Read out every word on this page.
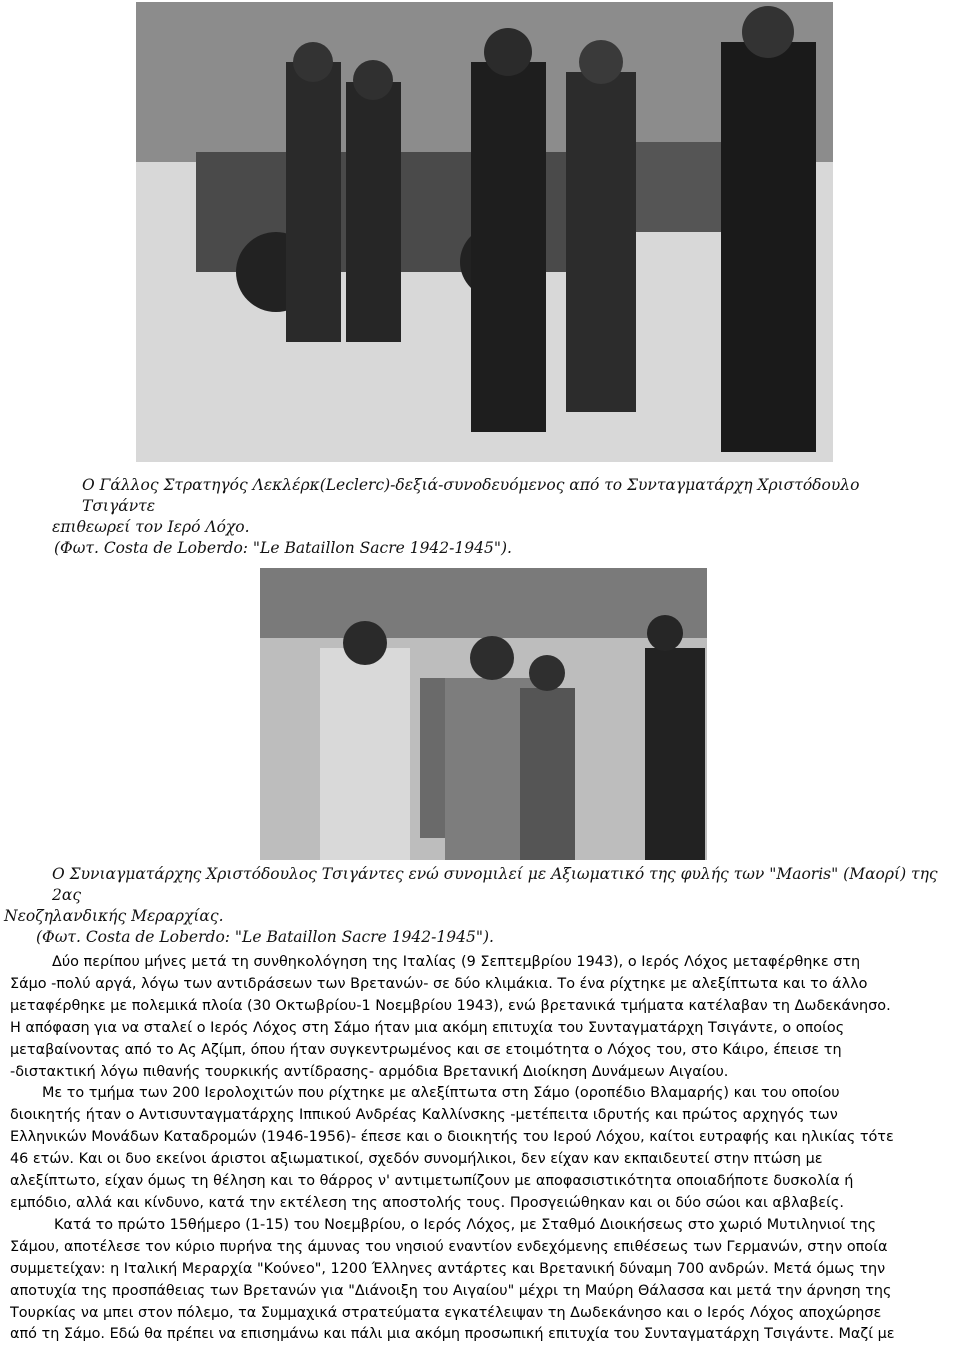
Ο Γάλλος Στρατηγός Λεκλέρκ(Leclerc)-δεξιά-συνοδευόμενος από το Συνταγματάρχη Χριστόδουλο Τσιγάντε
επιθεωρεί τον Ιερό Λόχο.
(Φωτ. Costa de Loberdo: "Le Bataillon Sacre 1942-1945").

Ο Συνιαγματάρχης Χριστόδουλος Τσιγάντες ενώ συνομιλεί με Αξιωματικό της φυλής των "Maoris" (Μαορί) της 2ας
Νεοζηλανδικής Μεραρχίας.
(Φωτ. Costa de Loberdo: "Le Bataillon Sacre 1942-1945").

Δύο περίπου μήνες μετά τη συνθηκολόγηση της Ιταλίας (9 Σεπτεμβρίου 1943), ο Ιερός Λόχος μεταφέρθηκε στη
Σάμο -πολύ αργά, λόγω των αντιδράσεων των Βρετανών- σε δύο κλιμάκια. Το ένα ρίχτηκε με αλεξίπτωτα και το άλλο
μεταφέρθηκε με πολεμικά πλοία (30 Οκτωβρίου-1 Νοεμβρίου 1943), ενώ βρετανικά τμήματα κατέλαβαν τη Δωδεκάνησο.
Η απόφαση για να σταλεί ο Ιερός Λόχος στη Σάμο ήταν μια ακόμη επιτυχία του Συνταγματάρχη Τσιγάντε, ο οποίος
μεταβαίνοντας από το Ας Αζίμπ, όπου ήταν συγκεντρωμένος και σε ετοιμότητα ο Λόχος του, στο Κάιρο, έπεισε τη
-διστακτική λόγω πιθανής τουρκικής αντίδρασης- αρμόδια Βρετανική Διοίκηση Δυνάμεων Αιγαίου.
Με το τμήμα των 200 Ιερολοχιτών που ρίχτηκε με αλεξίπτωτα στη Σάμο (οροπέδιο Βλαμαρής) και του οποίου
διοικητής ήταν ο Αντισυνταγματάρχης Ιππικού Ανδρέας Καλλίνσκης -μετέπειτα ιδρυτής και πρώτος αρχηγός των
Ελληνικών Μονάδων Καταδρομών (1946-1956)- έπεσε και ο διοικητής του Ιερού Λόχου, καίτοι ευτραφής και ηλικίας τότε
46 ετών. Και οι δυο εκείνοι άριστοι αξιωματικοί, σχεδόν συνομήλικοι, δεν είχαν καν εκπαιδευτεί στην πτώση με
αλεξίπτωτο, είχαν όμως τη θέληση και το θάρρος ν' αντιμετωπίζουν με αποφασιστικότητα οποιαδήποτε δυσκολία ή
εμπόδιο, αλλά και κίνδυνο, κατά την εκτέλεση της αποστολής τους. Προσγειώθηκαν και οι δύο σώοι και αβλαβείς.
Κατά το πρώτο 15θήμερο (1-15) του Νοεμβρίου, ο Ιερός Λόχος, με Σταθμό Διοικήσεως στο χωριό Μυτιληνιοί της
Σάμου, αποτέλεσε τον κύριο πυρήνα της άμυνας του νησιού εναντίον ενδεχόμενης επιθέσεως των Γερμανών, στην οποία
συμμετείχαν: η Ιταλική Μεραρχία "Κούνεο", 1200 Έλληνες αντάρτες και Βρετανική δύναμη 700 ανδρών. Μετά όμως την
αποτυχία της προσπάθειας των Βρετανών για "Διάνοιξη του Αιγαίου" μέχρι τη Μαύρη Θάλασσα και μετά την άρνηση της
Τουρκίας να μπει στον πόλεμο, τα Συμμαχικά στρατεύματα εγκατέλειψαν τη Δωδεκάνησο και ο Ιερός Λόχος αποχώρησε
από τη Σάμο. Εδώ θα πρέπει να επισημάνω και πάλι μια ακόμη προσωπική επιτυχία του Συνταγματάρχη Τσιγάντε. Μαζί με
